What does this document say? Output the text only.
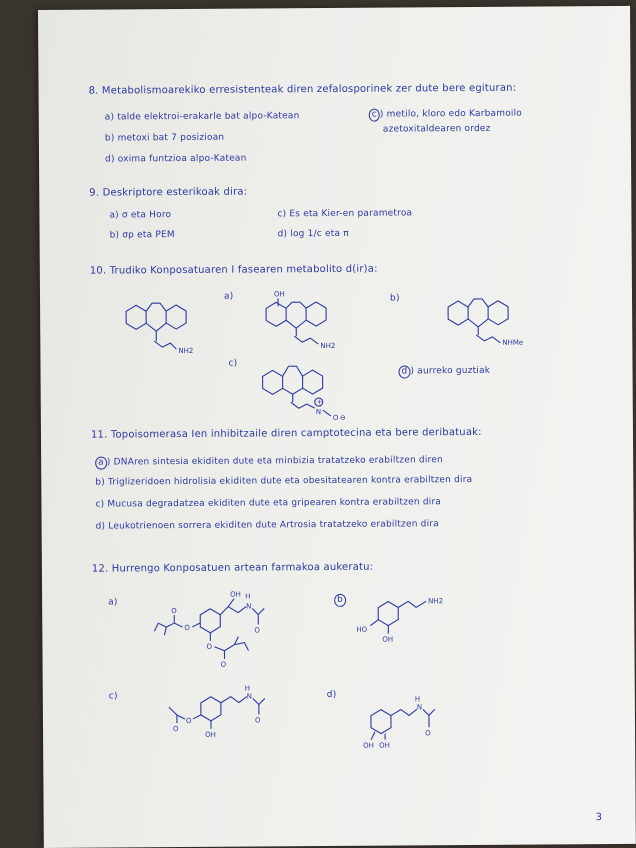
8. Metabolismoarekiko erresistenteak diren zefalosporinek zer dute bere egituran:
a) talde elektroi-erakarle bat alpo-Katean
b) metoxi bat 7 posizioan
d) oxima funtzioa alpo-Katean
c ) metilo, kloro edo Karbamoilo
azetoxitaldearen ordez
9. Deskriptore esterikoak dira:
a) σ eta Horo
b) σp eta PEM
c) Es eta Kier-en parametroa
d) log 1/c eta π
10. Trudiko Konposatuaren I fasearen metabolito d(ir)a:
a)	b)
c)
d ) aurreko guztiak
NH2
OH
NH2	NHMe
+
N
O ⊖
11. Topoisomerasa Ien inhibitzaile diren camptotecina eta bere deribatuak:
a ) DNAren sintesia ekiditen dute eta minbizia tratatzeko erabiltzen diren
b) Triglizeridoen hidrolisia ekiditen dute eta obesitatearen kontra erabiltzen dira
c) Mucusa degradatzea ekiditen dute eta gripearen kontra erabiltzen dira
d) Leukotrienoen sorrera ekiditen dute Artrosia tratatzeko erabiltzen dira
12. Hurrengo Konposatuen artean farmakoa aukeratu:
a)	b
c)	d)
OH H
N
O
O
O
O
O
NH2
HO
OH
H
N
O
O
O
OH
H
N
O
OH OH
3
